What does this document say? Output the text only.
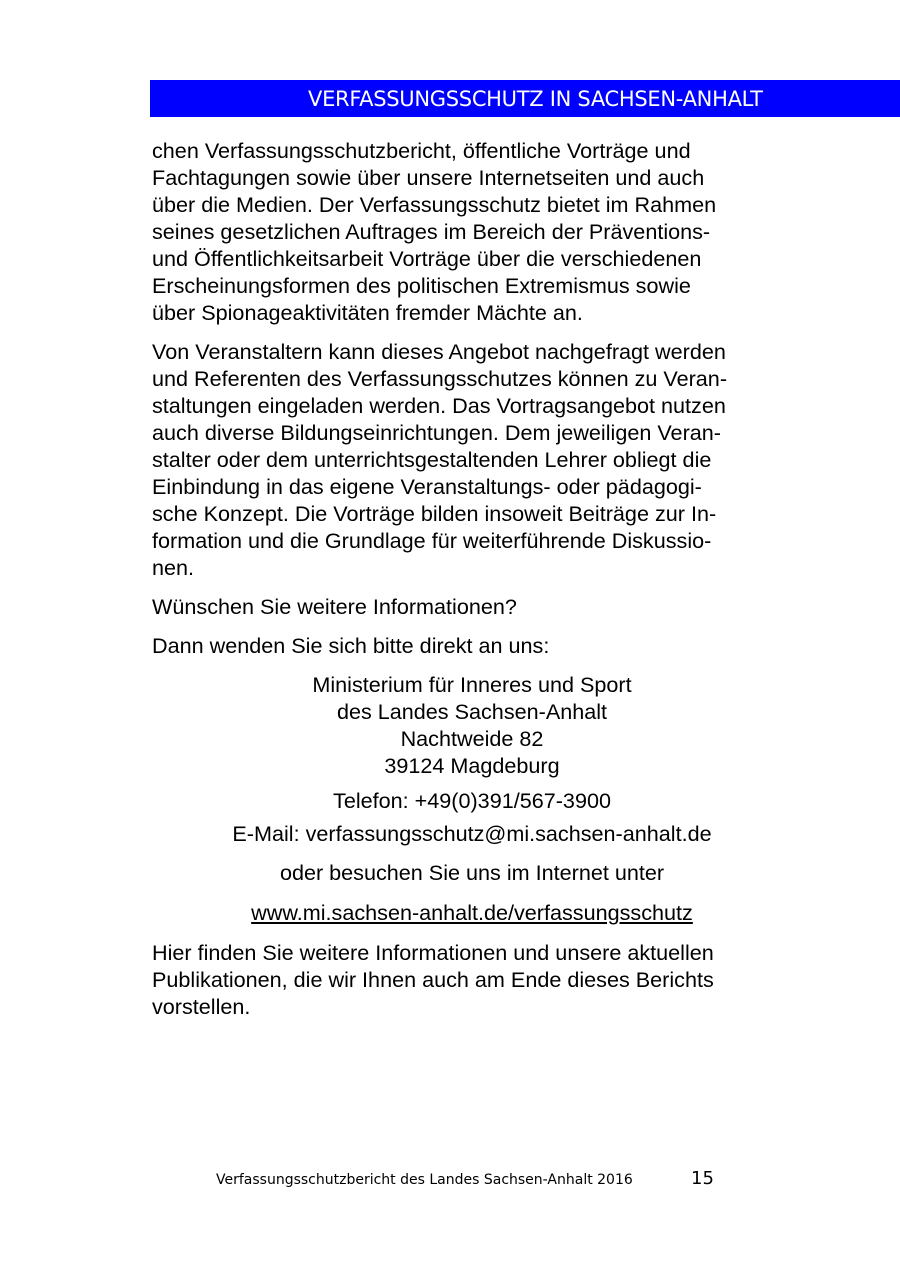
VERFASSUNGSSCHUTZ IN SACHSEN-ANHALT

chen Verfassungsschutzbericht, öffentliche Vorträge und
Fachtagungen sowie über unsere Internetseiten und auch
über die Medien. Der Verfassungsschutz bietet im Rahmen
seines gesetzlichen Auftrages im Bereich der Präventions-
und Öffentlichkeitsarbeit Vorträge über die verschiedenen
Erscheinungsformen des politischen Extremismus sowie
über Spionageaktivitäten fremder Mächte an.

Von Veranstaltern kann dieses Angebot nachgefragt werden
und Referenten des Verfassungsschutzes können zu Veran-
staltungen eingeladen werden. Das Vortragsangebot nutzen
auch diverse Bildungseinrichtungen. Dem jeweiligen Veran-
stalter oder dem unterrichtsgestaltenden Lehrer obliegt die
Einbindung in das eigene Veranstaltungs- oder pädagogi-
sche Konzept. Die Vorträge bilden insoweit Beiträge zur In-
formation und die Grundlage für weiterführende Diskussio-
nen.

Wünschen Sie weitere Informationen?

Dann wenden Sie sich bitte direkt an uns:

Ministerium für Inneres und Sport
des Landes Sachsen-Anhalt
Nachtweide 82
39124 Magdeburg
Telefon: +49(0)391/567-3900
E-Mail: verfassungsschutz@mi.sachsen-anhalt.de
oder besuchen Sie uns im Internet unter
www.mi.sachsen-anhalt.de/verfassungsschutz

Hier finden Sie weitere Informationen und unsere aktuellen
Publikationen, die wir Ihnen auch am Ende dieses Berichts
vorstellen.

Verfassungsschutzbericht des Landes Sachsen-Anhalt 2016	15
